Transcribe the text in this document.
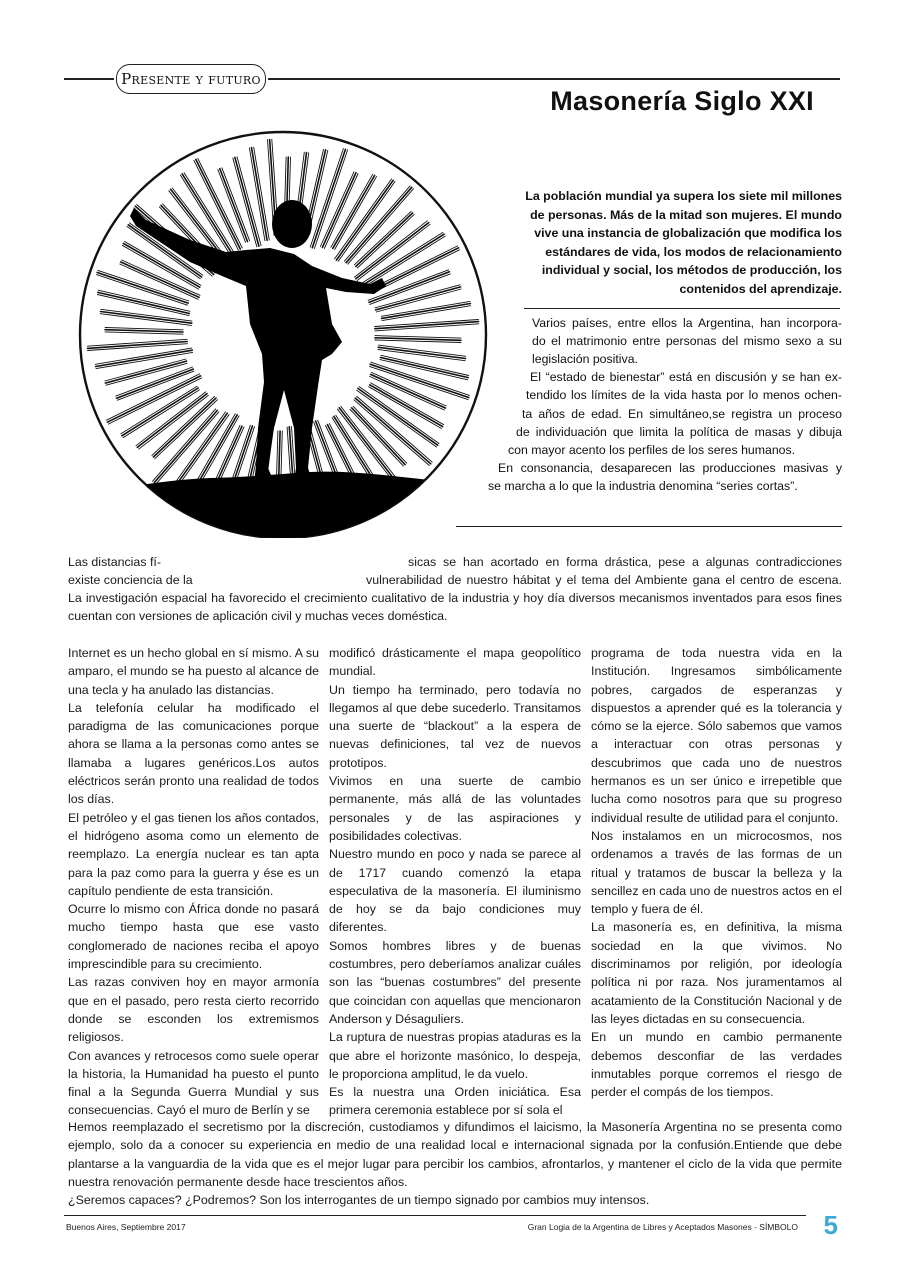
Presente y futuro
Masonería Siglo XXI
La población mundial ya supera los siete mil millones
de personas. Más de la mitad son mujeres. El mundo
vive una instancia de globalización que modifica los
estándares de vida, los modos de relacionamiento
individual y social, los métodos de producción, los
contenidos del aprendizaje.
Varios países, entre ellos la Argentina, han incorpora-
do el matrimonio entre personas del mismo sexo a su
legislación positiva.
El “estado de bienestar” está en discusión y se han ex-
tendido los límites de la vida hasta por lo menos ochen-
ta años de edad. En simultáneo,se registra un proceso
de individuación que limita la política de masas y dibuja
con mayor acento los perfiles de los seres humanos.
En consonancia, desaparecen las producciones masivas y
se marcha a lo que la industria denomina “series cortas”.
Las distancias fí-	sicas se han acortado en forma drástica, pese a algunas contradicciones
existe conciencia de la	vulnerabilidad de nuestro hábitat y el tema del Ambiente gana el centro de escena.
La investigación espacial ha favorecido el crecimiento cualitativo de la industria y hoy día diversos mecanismos inventados para esos fines cuentan con versiones de aplicación civil y muchas veces doméstica.

Internet es un hecho global en sí mismo. A su amparo, el mundo se ha puesto al alcance de una tecla y ha anulado las distancias.

La telefonía celular ha modificado el paradigma de las comunicaciones porque ahora se llama a la personas como antes se llamaba a lugares genéricos.Los autos eléctricos serán pronto una realidad de todos los días.

El petróleo y el gas tienen los años contados, el hidrógeno asoma como un elemento de reemplazo. La energía nuclear es tan apta para la paz como para la guerra y ése es un capítulo pendiente de esta transición.

Ocurre lo mismo con África donde no pasará mucho tiempo hasta que ese vasto conglomerado de naciones reciba el apoyo imprescindible para su crecimiento.

Las razas conviven hoy en mayor armonía que en el pasado, pero resta cierto recorrido donde se esconden los extremismos religiosos.

Con avances y retrocesos como suele operar la historia, la Humanidad ha puesto el punto final a la Segunda Guerra Mundial y sus consecuencias. Cayó el muro de Berlín y se

modificó drásticamente el mapa geopolítico mundial.

Un tiempo ha terminado, pero todavía no llegamos al que debe sucederlo. Transitamos una suerte de “blackout” a la espera de nuevas definiciones, tal vez de nuevos prototipos.

Vivimos en una suerte de cambio permanente, más allá de las voluntades personales y de las aspiraciones y posibilidades colectivas.

Nuestro mundo en poco y nada se parece al de 1717 cuando comenzó la etapa especulativa de la masonería. El iluminismo de hoy se da bajo condiciones muy diferentes.

Somos hombres libres y de buenas costumbres, pero deberíamos analizar cuáles son las “buenas costumbres” del presente que coincidan con aquellas que mencionaron Anderson y Désaguliers.

La ruptura de nuestras propias ataduras es la que abre el horizonte masónico, lo despeja, le proporciona amplitud, le da vuelo.

Es la nuestra una Orden iniciática. Esa primera ceremonia establece por sí sola el

programa de toda nuestra vida en la Institución. Ingresamos simbólicamente pobres, cargados de esperanzas y dispuestos a aprender qué es la tolerancia y cómo se la ejerce. Sólo sabemos que vamos a interactuar con otras personas y descubrimos que cada uno de nuestros hermanos es un ser único e irrepetible que lucha como nosotros para que su progreso individual resulte de utilidad para el conjunto.

Nos instalamos en un microcosmos, nos ordenamos a través de las formas de un ritual y tratamos de buscar la belleza y la sencillez en cada uno de nuestros actos en el templo y fuera de él.

La masonería es, en definitiva, la misma sociedad en la que vivimos. No discriminamos por religión, por ideología política ni por raza. Nos juramentamos al acatamiento de la Constitución Nacional y de las leyes dictadas en su consecuencia.

En un mundo en cambio permanente debemos desconfiar de las verdades inmutables porque corremos el riesgo de perder el compás de los tiempos.

Hemos reemplazado el secretismo por la discreción, custodiamos y difundimos el laicismo, la Masonería Argentina no se presenta como ejemplo, solo da a conocer su experiencia en medio de una realidad local e internacional signada por la confusión.Entiende que debe plantarse a la vanguardia de la vida que es el mejor lugar para percibir los cambios, afrontarlos, y mantener el ciclo de la vida que permite nuestra renovación permanente desde hace trescientos años.
¿Seremos capaces? ¿Podremos? Son los interrogantes de un tiempo signado por cambios muy intensos.
Buenos Aires, Septiembre 2017	Gran Logia de la Argentina de Libres y Aceptados Masones - SÍMBOLO 5
